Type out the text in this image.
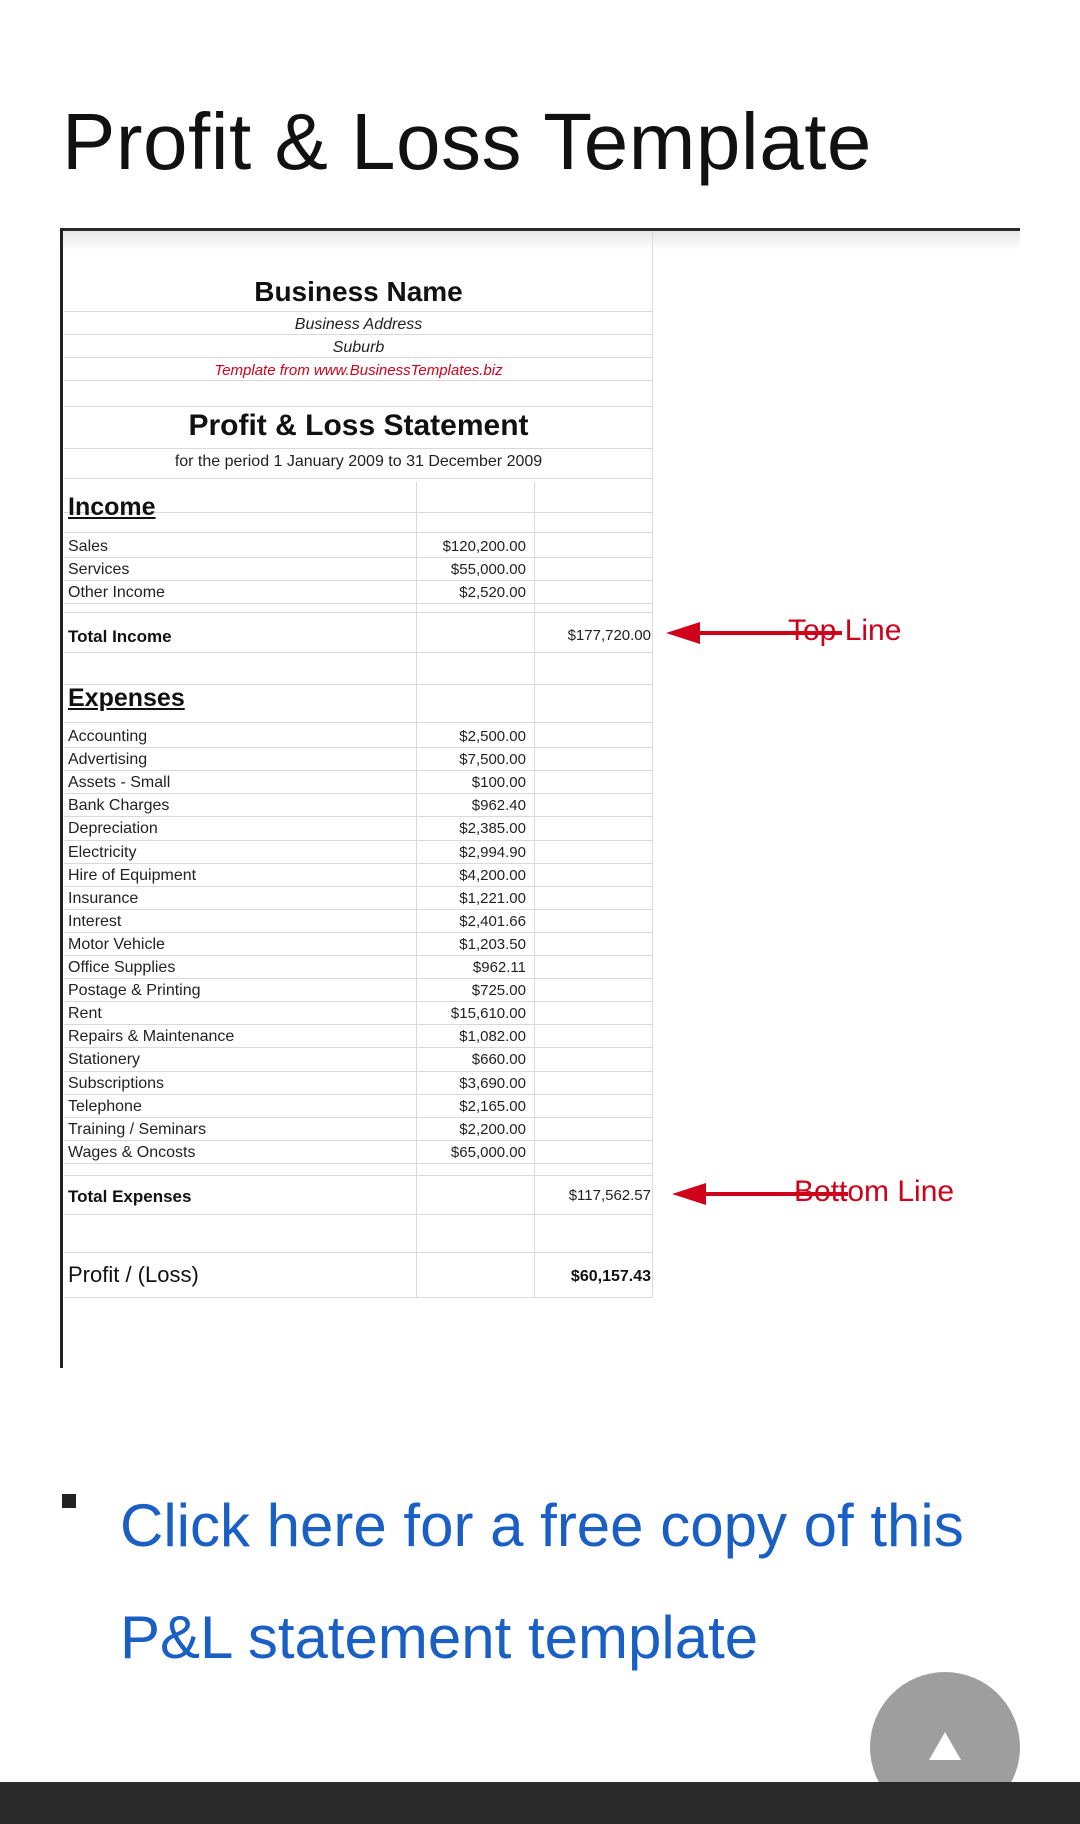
Profit & Loss Template
Business Name
Business Address
Suburb
Template from www.BusinessTemplates.biz
Profit & Loss Statement
for the period 1 January 2009 to 31 December 2009
Income
Sales	$120,200.00
Services	$55,000.00
Other Income	$2,520.00
Total Income	$177,720.00
Expenses
Accounting	$2,500.00
Advertising	$7,500.00
Assets - Small	$100.00
Bank Charges	$962.40
Depreciation	$2,385.00
Electricity	$2,994.90
Hire of Equipment	$4,200.00
Insurance	$1,221.00
Interest	$2,401.66
Motor Vehicle	$1,203.50
Office Supplies	$962.11
Postage & Printing	$725.00
Rent	$15,610.00
Repairs & Maintenance	$1,082.00
Stationery	$660.00
Subscriptions	$3,690.00
Telephone	$2,165.00
Training / Seminars	$2,200.00
Wages & Oncosts	$65,000.00
Total Expenses	$117,562.57
Profit / (Loss)	$60,157.43
Top Line
Bottom Line
Click here for a free copy of this P&L statement template
